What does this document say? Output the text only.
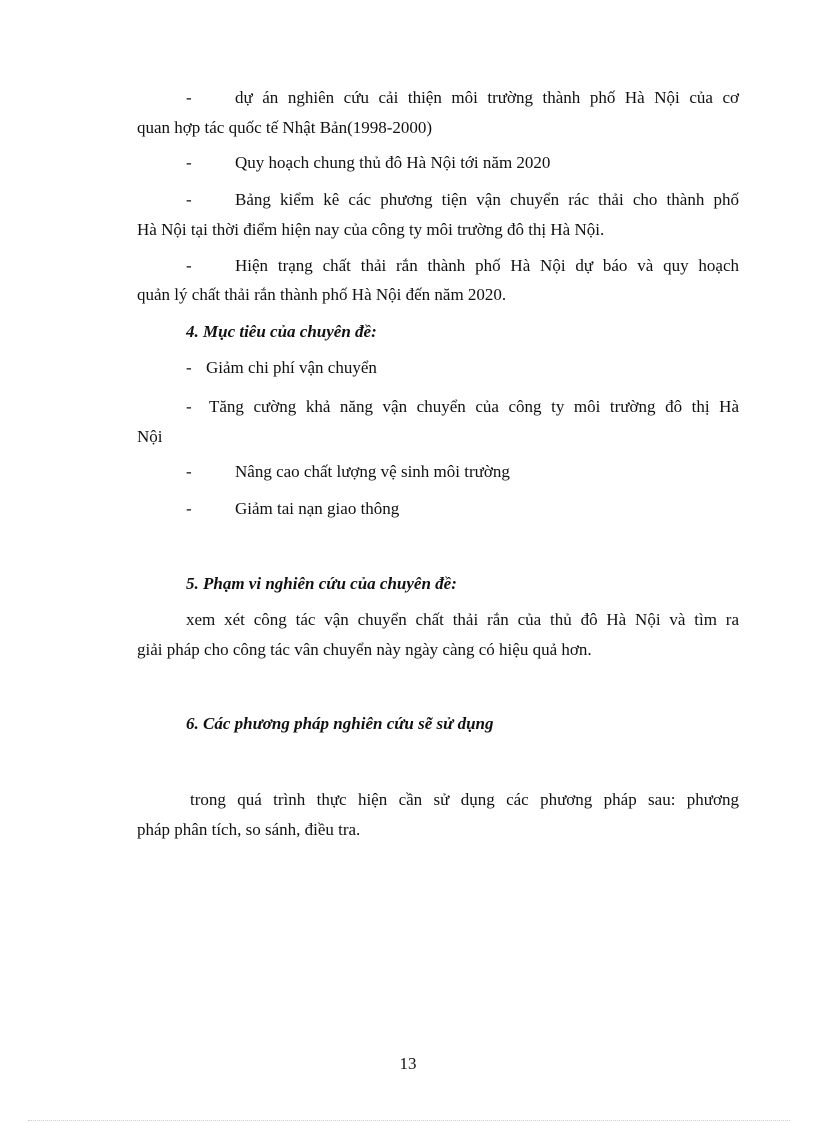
-	dự án nghiên cứu cải thiện môi trường thành phố Hà Nội của cơ
quan hợp tác quốc tế Nhật Bản(1998-2000)
-	Quy hoạch chung thủ đô Hà Nội tới năm 2020
-	Bảng kiểm kê các phương tiện vận chuyển rác thải cho thành phố
Hà Nội tại thời điểm hiện nay của công ty môi trường đô thị Hà Nội.
-	Hiện trạng chất thải rắn thành phố Hà Nội dự báo và quy hoạch
quản lý chất thải rắn thành phố Hà Nội đến năm 2020.
4. Mục tiêu của chuyên đề:
- Giảm chi phí vận chuyển
- Tăng cường khả năng vận chuyển của công ty môi trường đô thị Hà
Nội
-	Nâng cao chất lượng vệ sinh môi trường
-	Giảm tai nạn giao thông
5. Phạm vi nghiên cứu của chuyên đề:
xem xét công tác vận chuyển chất thải rắn của thủ đô Hà Nội và tìm ra
giải pháp cho công tác vân chuyển này ngày càng có hiệu quả hơn.
6. Các phương pháp nghiên cứu sẽ sử dụng
trong quá trình thực hiện cần sử dụng các phương pháp sau: phương
pháp phân tích, so sánh, điều tra.
13
